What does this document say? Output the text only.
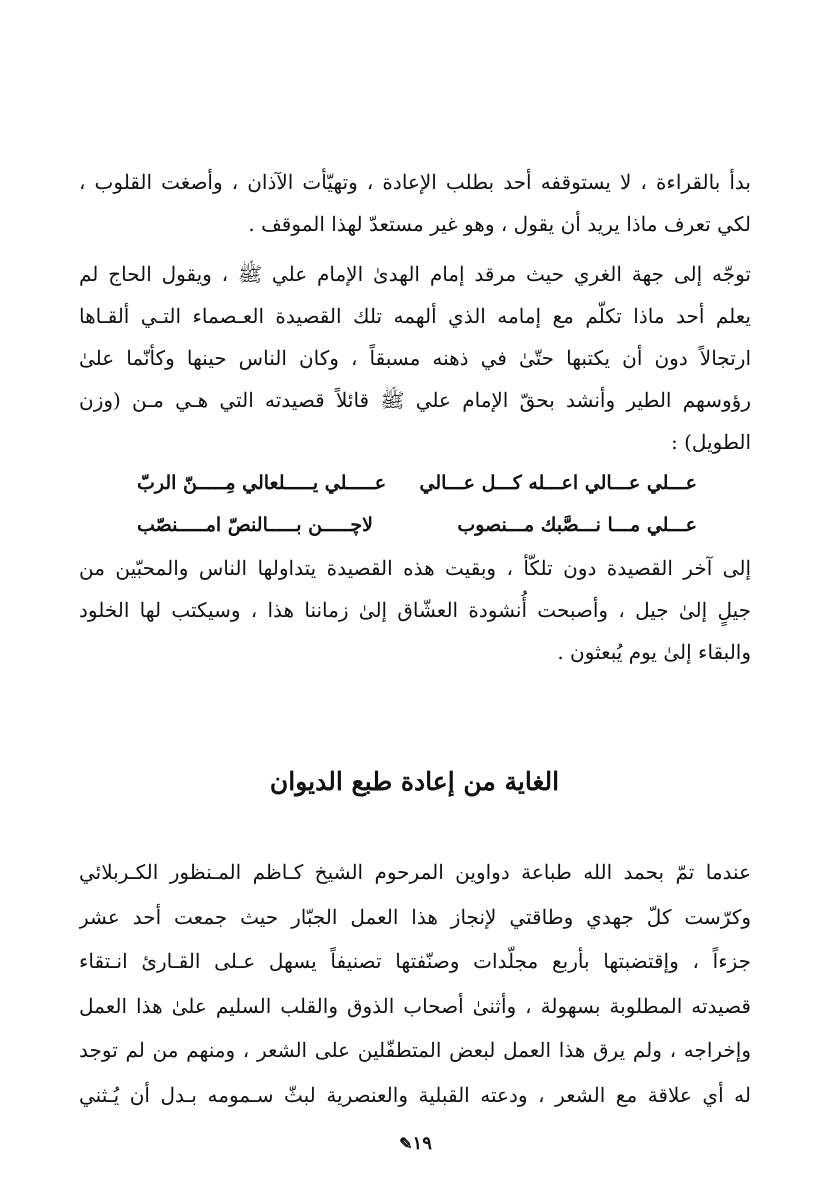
بدأ بالقراءة ، لا يستوقفه أحد بطلب الإعادة ، وتهيّأت الآذان ، وأصغت القلوب ،
لكي تعرف ماذا يريد أن يقول ، وهو غير مستعدّ لهذا الموقف .
توجّه إلى جهة الغري حيث مرقد إمام الهدىٰ الإمام علي ﷺ ، ويقول الحاج لم
يعلم أحد ماذا تكلّم مع إمامه الذي ألهمه تلك القصيدة العـصماء التـي ألقـاها
ارتجالاً دون أن يكتبها حتّىٰ في ذهنه مسبقاً ، وكان الناس حينها وكأنّما علىٰ
رؤوسهم الطير وأنشد بحقّ الإمام علي ﷺ قائلاً قصيدته التي هـي مـن (وزن
الطويل) :
عـــلي عـــالي اعـــله كـــل عـــالي
عـــــلي يـــــلعالي مِـــــنّ الربّ
عـــلي مـــا نـــصَّبك مـــنصوب
لاچـــــن بـــــالنصّ امـــــنصّب
إلى آخر القصيدة دون تلكّأ ، وبقيت هذه القصيدة يتداولها الناس والمحبّين من
جيلٍ إلىٰ جيل ، وأصبحت أُنشودة العشّاق إلىٰ زماننا هذا ، وسيكتب لها الخلود
والبقاء إلىٰ يوم يُبعثون .
الغاية من إعادة طبع الديوان
عندما تمّ بحمد الله طباعة دواوين المرحوم الشيخ كـاظم المـنظور الكـربلائي
وكرّست كلّ جهدي وطاقتي لإنجاز هذا العمل الجبّار حيث جمعت أحد عشر
جزءاً ، وإقتضبتها بأربع مجلّدات وصنّفتها تصنيفاً يسهل عـلى القـارئ انـتقاء
قصيدته المطلوبة بسهولة ، وأثنىٰ أصحاب الذوق والقلب السليم علىٰ هذا العمل
وإخراجه ، ولم يرق هذا العمل لبعض المتطفّلين على الشعر ، ومنهم من لم توجد
له أي علاقة مع الشعر ، ودعته القبلية والعنصرية لبثّ سـمومه بـدل أن يُـثني
١٩✎
